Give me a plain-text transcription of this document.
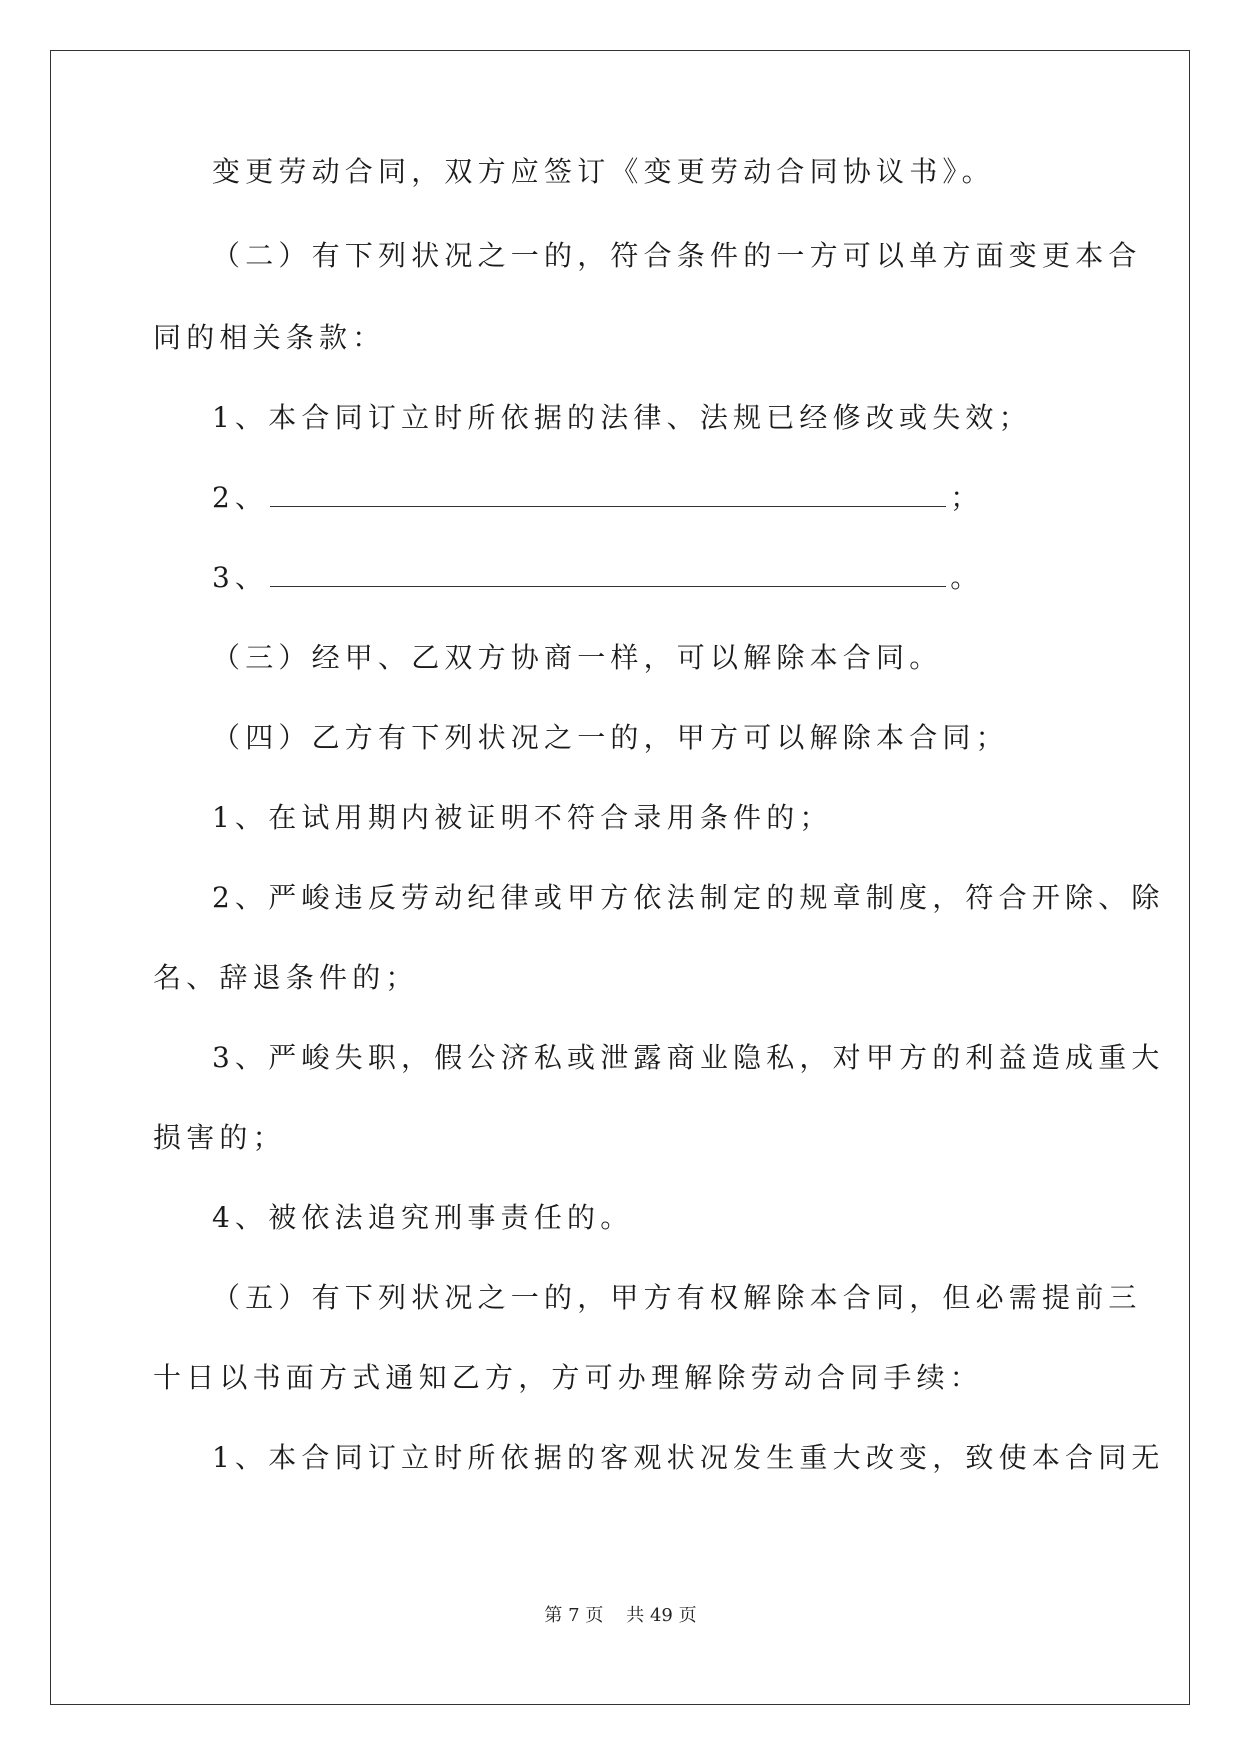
变更劳动合同，双方应签订《变更劳动合同协议书》。
（二）有下列状况之一的，符合条件的一方可以单方面变更本合
同的相关条款：
1、本合同订立时所依据的法律、法规已经修改或失效；
2、	；
3、	。
（三）经甲、乙双方协商一样，可以解除本合同。
（四）乙方有下列状况之一的，甲方可以解除本合同；
1、在试用期内被证明不符合录用条件的；
2、严峻违反劳动纪律或甲方依法制定的规章制度，符合开除、除
名、辞退条件的；
3、严峻失职，假公济私或泄露商业隐私，对甲方的利益造成重大
损害的；
4、被依法追究刑事责任的。
（五）有下列状况之一的，甲方有权解除本合同，但必需提前三
十日以书面方式通知乙方，方可办理解除劳动合同手续：
1、本合同订立时所依据的客观状况发生重大改变，致使本合同无
第 7 页 共 49 页
